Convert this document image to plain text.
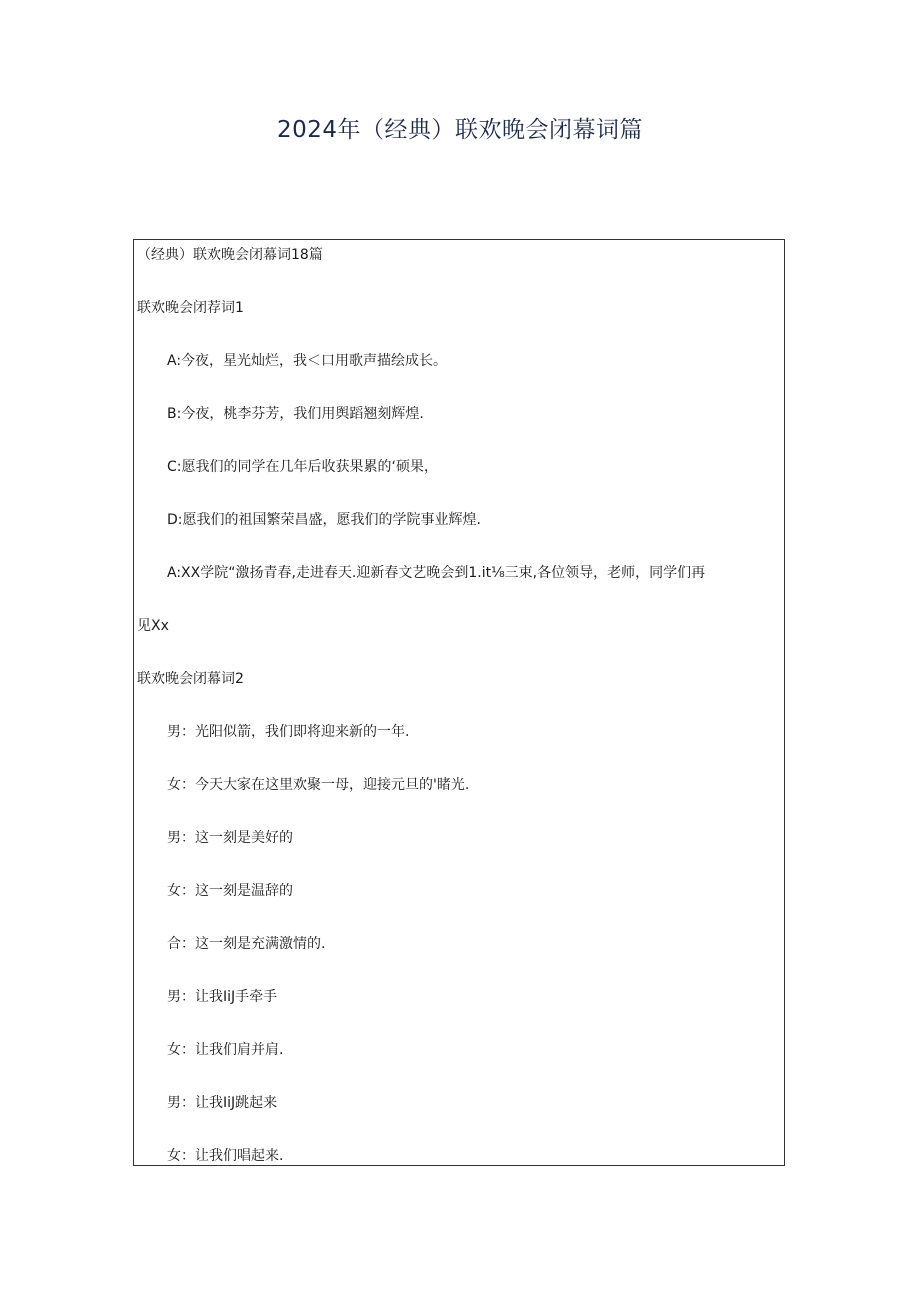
2024年（经典）联欢晚会闭幕词篇
（经典）联欢晚会闭幕词18篇
联欢晚会闭荐词1
A:今夜，星光灿烂，我＜口用歌声描绘成长。
B:今夜，桃李芬芳，我们用舆蹈翘刻辉煌.
C:愿我们的同学在几年后收获果累的‘硕果，
D:愿我们的祖国繁荣昌盛，愿我们的学院事业辉煌.
A:XX学院“激扬青春,走进春天.迎新春文艺晚会到1.it⅛三束,各位领导，老师，同学们再
见Xx
联欢晚会闭幕词2
男：光阳似箭，我们即将迎来新的一年.
女：今天大家在这里欢聚一母，迎接元旦的'睹光.
男：这一刻是美好的
女：这一刻是温辞的
合：这一刻是充满激情的.
男：让我IiJ手牵手
女：让我们肩并肩.
男：让我IiJ跳起来
女：让我们唱起来.
